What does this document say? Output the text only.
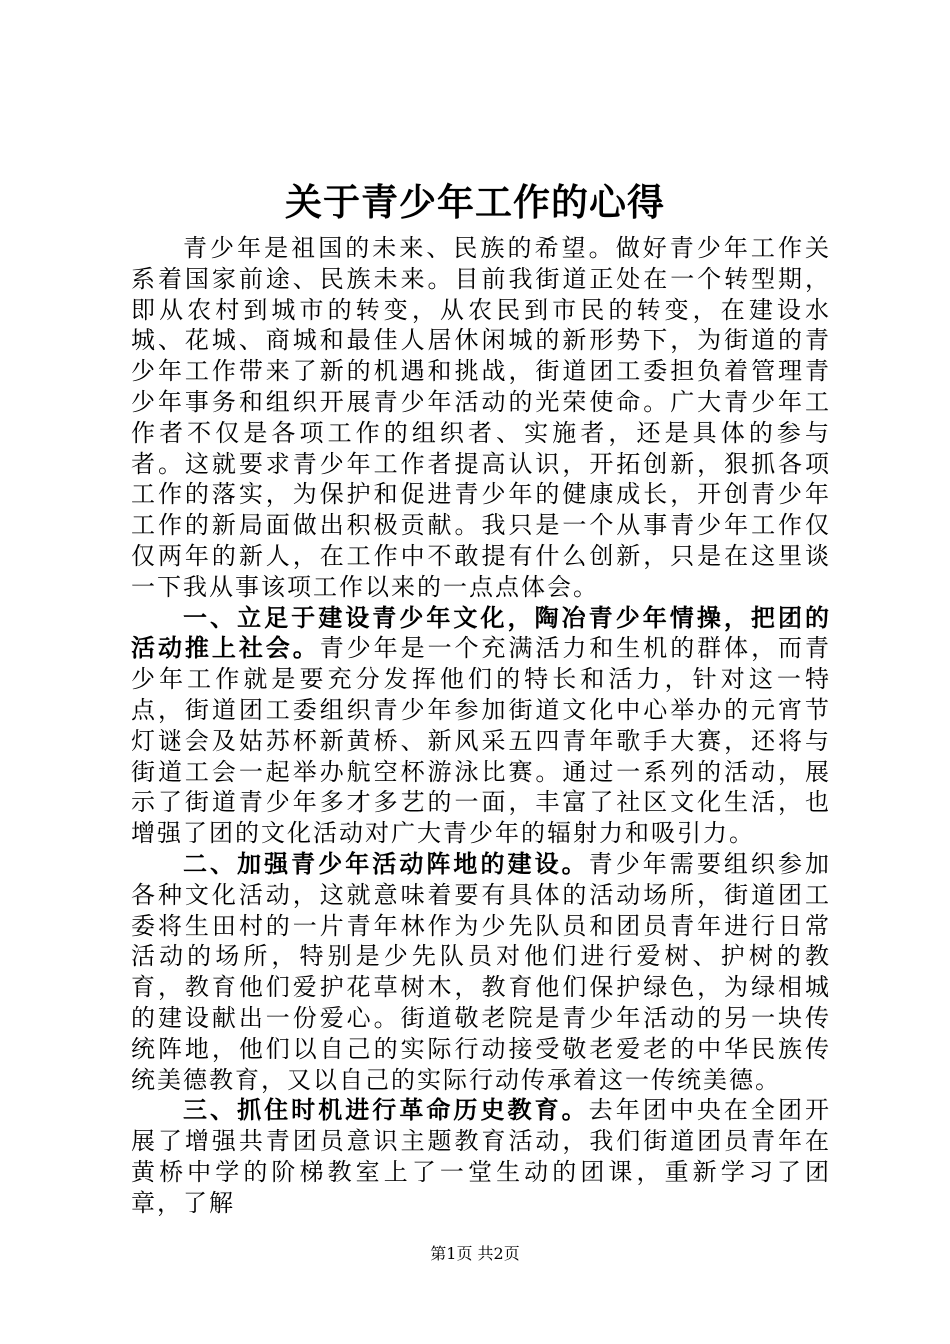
关于青少年工作的心得

青少年是祖国的未来、民族的希望。做好青少年工作关系着国家前途、民族未来。目前我街道正处在一个转型期，即从农村到城市的转变，从农民到市民的转变，在建设水城、花城、商城和最佳人居休闲城的新形势下，为街道的青少年工作带来了新的机遇和挑战，街道团工委担负着管理青少年事务和组织开展青少年活动的光荣使命。广大青少年工作者不仅是各项工作的组织者、实施者，还是具体的参与者。这就要求青少年工作者提高认识，开拓创新，狠抓各项工作的落实，为保护和促进青少年的健康成长，开创青少年工作的新局面做出积极贡献。我只是一个从事青少年工作仅仅两年的新人，在工作中不敢提有什么创新，只是在这里谈一下我从事该项工作以来的一点点体会。

一、立足于建设青少年文化，陶冶青少年情操，把团的活动推上社会。青少年是一个充满活力和生机的群体，而青少年工作就是要充分发挥他们的特长和活力，针对这一特点，街道团工委组织青少年参加街道文化中心举办的元宵节灯谜会及姑苏杯新黄桥、新风采五四青年歌手大赛，还将与街道工会一起举办航空杯游泳比赛。通过一系列的活动，展示了街道青少年多才多艺的一面，丰富了社区文化生活，也增强了团的文化活动对广大青少年的辐射力和吸引力。

二、加强青少年活动阵地的建设。青少年需要组织参加各种文化活动，这就意味着要有具体的活动场所，街道团工委将生田村的一片青年林作为少先队员和团员青年进行日常活动的场所，特别是少先队员对他们进行爱树、护树的教育，教育他们爱护花草树木，教育他们保护绿色，为绿相城的建设献出一份爱心。街道敬老院是青少年活动的另一块传统阵地，他们以自己的实际行动接受敬老爱老的中华民族传统美德教育，又以自己的实际行动传承着这一传统美德。

三、抓住时机进行革命历史教育。去年团中央在全团开展了增强共青团员意识主题教育活动，我们街道团员青年在黄桥中学的阶梯教室上了一堂生动的团课，重新学习了团章，了解

第1页 共2页
